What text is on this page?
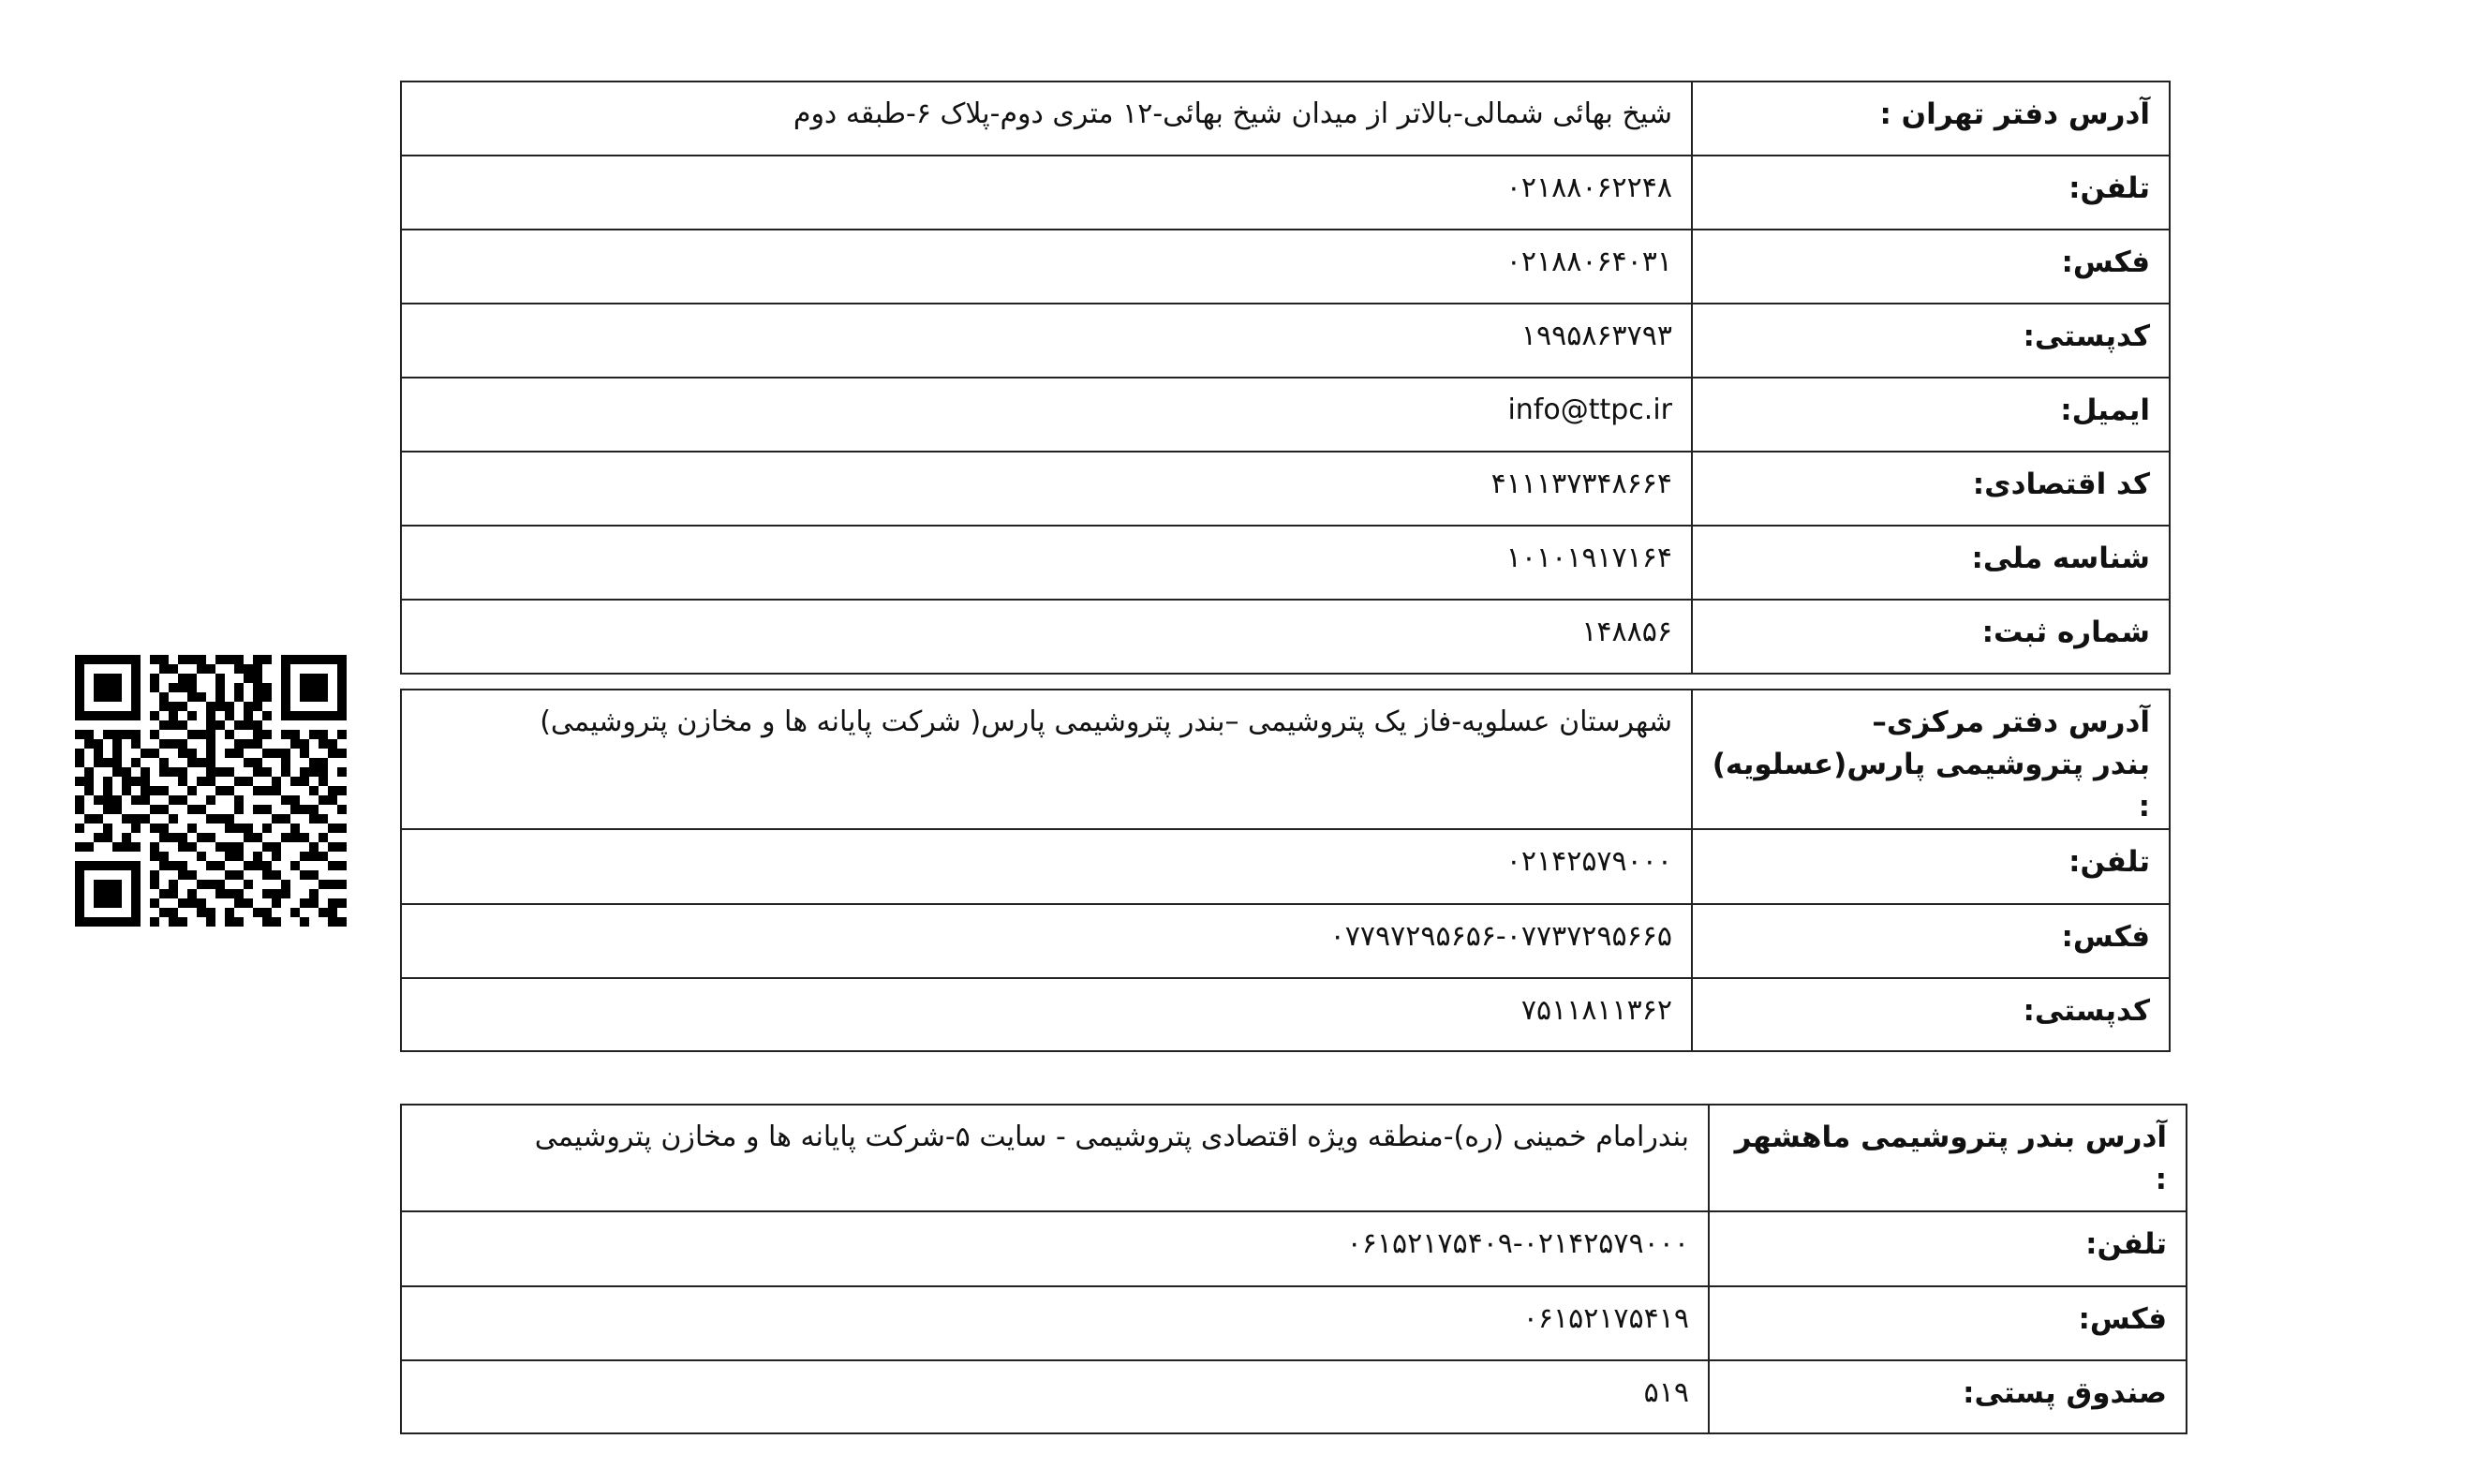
آدرس دفتر تهران :	شیخ بهائی شمالی-بالاتر از میدان شیخ بهائی-۱۲ متری دوم-پلاک ۶-طبقه دوم
تلفن:	۰۲۱۸۸۰۶۲۲۴۸
فکس:	۰۲۱۸۸۰۶۴۰۳۱
کدپستی:	۱۹۹۵۸۶۳۷۹۳
ایمیل:	info@ttpc.ir
کد اقتصادی:	۴۱۱۱۳۷۳۴۸۶۶۴
شناسه ملی:	۱۰۱۰۱۹۱۷۱۶۴
شماره ثبت:	۱۴۸۸۵۶
آدرس دفتر مرکزی–
بندر پتروشیمی پارس(عسلویه) :	شهرستان عسلویه-فاز یک پتروشیمی –بندر پتروشیمی پارس( شرکت پایانه ها و مخازن پتروشیمی)
تلفن:	۰۲۱۴۲۵۷۹۰۰۰
فکس:	۰۷۷۹۷۲۹۵۶۵۶-۰۷۷۳۷۲۹۵۶۶۵
کدپستی:	۷۵۱۱۸۱۱۳۶۲
آدرس بندر پتروشیمی ماهشهر :	بندرامام خمینی (ره)-منطقه ویژه اقتصادی پتروشیمی - سایت ۵-شرکت پایانه ها و مخازن پتروشیمی
تلفن:	۰۶۱۵۲۱۷۵۴۰۹-۰۲۱۴۲۵۷۹۰۰۰
فکس:	۰۶۱۵۲۱۷۵۴۱۹
صندوق پستی:	۵۱۹
